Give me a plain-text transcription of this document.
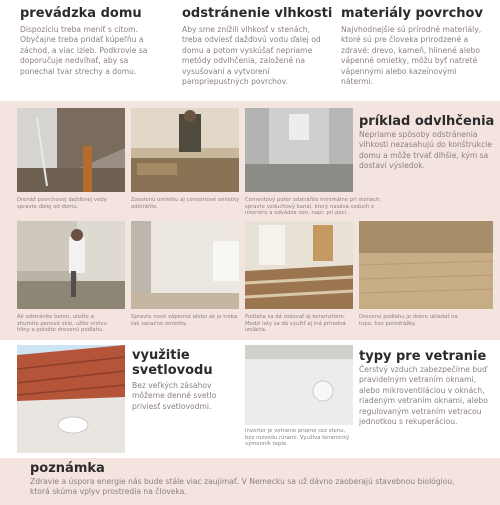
prevádzka domu
Dispozíciu treba meniť s citom. Obyčajne treba pridať kúpeľňu a záchod, a viac izieb. Podkrovie sa doporučuje nedvíhať, aby sa ponechal tvar strechy a domu.
odstránenie vlhkosti
Aby sme znížili vlhkosť v stenách, treba odviesť dažďovú vodu ďalej od domu a potom vyskúšať nepriame metódy odvlhčenia, založené na vysušovaní a vytvorení paropriepustných povrchov.
materiály povrchov
Najvhodnejšie sú prírodné materiály, ktoré sú pre človeka prirodzené a zdravé: drevo, kameň, hlinené alebo vápenné omietky, môžu byť natreté vápennými alebo kazeínovými nátermi.
príklad odvlhčenia
Nepriame spôsoby odstránenia vlhkosti nezasahujú do konštrukcie domu a môže trvať dlhšie, kým sa dostaví výsledok.
Drenáž povrchovej dažďovej vody spravte ďalej od domu.
Zasolenú omietku aj cementové omietky odstráňte.
Cementový poter odstráňte minimálne pri stenách, spravte vzduchový kanál, ktorý nasáva vzduch z interiéru a odvádza von, napr. pri peci.
Ak odstránite beton, uložte a zhutnite penové sklo, užite vrstvu hliny a položte drevenú podlahu.
Spravte nové vápenné alebo ak je treba tak sanačné omietky.
Podlaha sa dá izolovať aj keramzitom. Medzi laty sa dá využiť aj iná prírodná izolácia.
Drevenú podlahu je dobre ukladať na tupo, bez perodrážky.
využitie
svetlovodu
Bez veľkých zásahov môžeme denné svetlo priviesť svetlovodmi.
Inverter je vetranie priamo cez stenu, bez rozvodu rúrami. Využíva keramický výmenník tepla.
typy pre vetranie
Čerstvý vzduch zabezpečíme buď pravidelným vetraním oknami, alebo mikroventiláciou v oknách, riadeným vetraním oknami, alebo regulovaným vetraním vetracou jednotkou s rekuperáciou.
poznámka
Zdravie a úspora energie nás bude stále viac zaujímať. V Nemecku sa už dávno zaoberajú stavebnou biológiou, ktorá skúma vplyv prostredia na človeka.
